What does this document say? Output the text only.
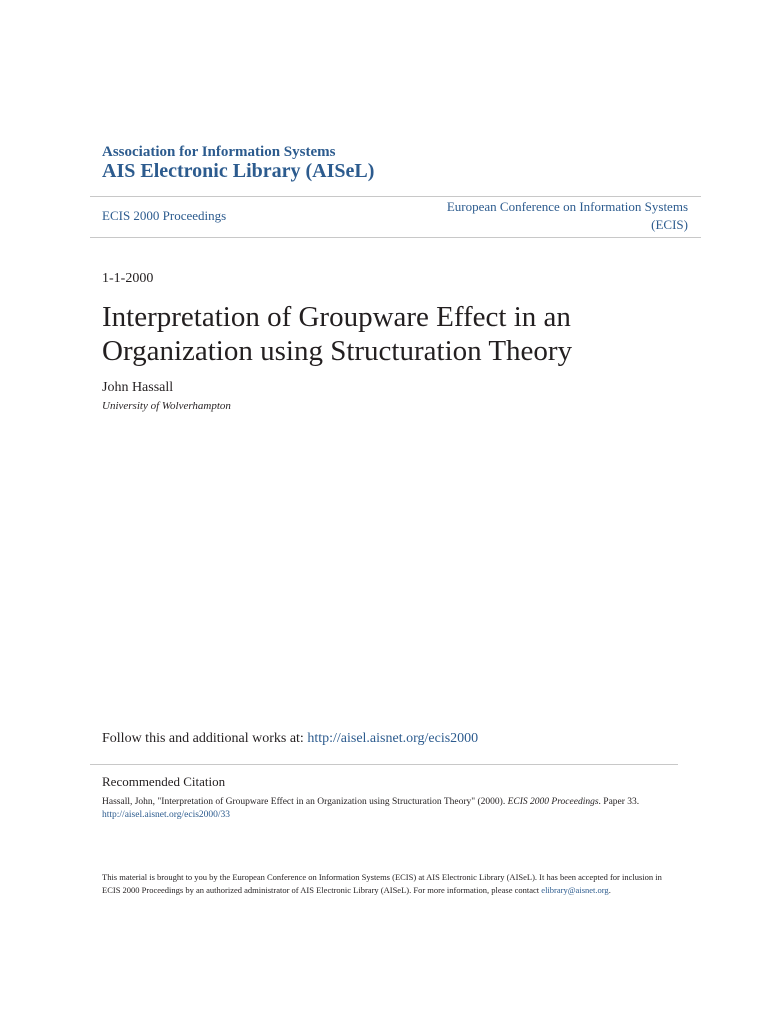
Association for Information Systems
AIS Electronic Library (AISeL)
ECIS 2000 Proceedings
European Conference on Information Systems
(ECIS)
1-1-2000
Interpretation of Groupware Effect in an Organization using Structuration Theory
John Hassall
University of Wolverhampton
Follow this and additional works at: http://aisel.aisnet.org/ecis2000
Recommended Citation
Hassall, John, "Interpretation of Groupware Effect in an Organization using Structuration Theory" (2000). ECIS 2000 Proceedings. Paper 33.
http://aisel.aisnet.org/ecis2000/33
This material is brought to you by the European Conference on Information Systems (ECIS) at AIS Electronic Library (AISeL). It has been accepted for inclusion in ECIS 2000 Proceedings by an authorized administrator of AIS Electronic Library (AISeL). For more information, please contact elibrary@aisnet.org.
